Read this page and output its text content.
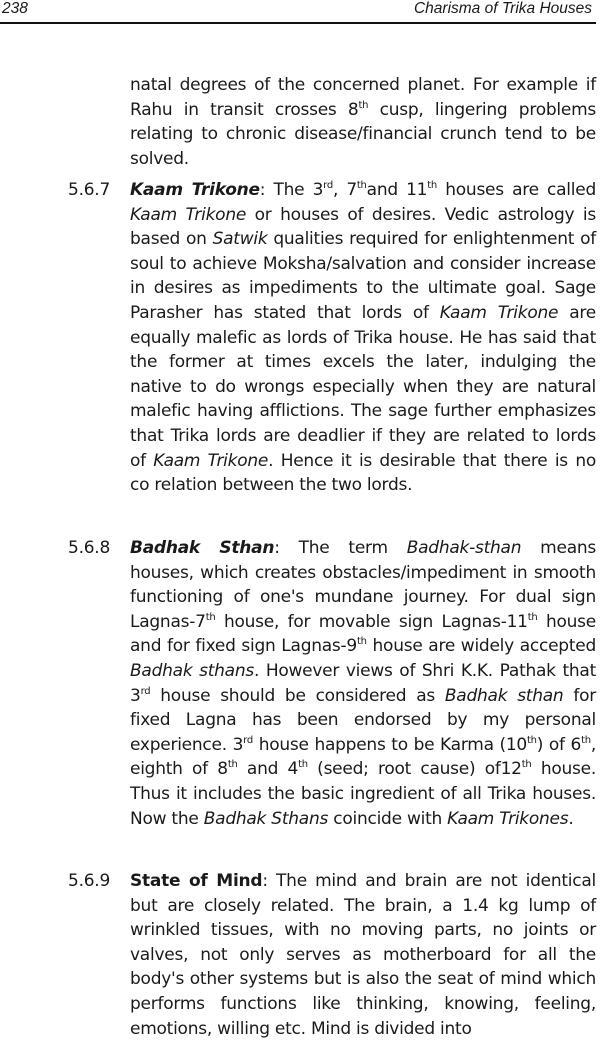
238	Charisma of Trika Houses

natal degrees of the concerned planet. For example if Rahu in transit crosses 8th cusp, lingering problems relating to chronic disease/financial crunch tend to be solved.

5.6.7	Kaam Trikone: The 3rd, 7thand 11th houses are called Kaam Trikone or houses of desires. Vedic astrology is based on Satwik qualities required for enlightenment of soul to achieve Moksha/salvation and consider increase in desires as impediments to the ultimate goal. Sage Parasher has stated that lords of Kaam Trikone are equally malefic as lords of Trika house. He has said that the former at times excels the later, indulging the native to do wrongs especially when they are natural malefic having afflictions. The sage further emphasizes that Trika lords are deadlier if they are related to lords of Kaam Trikone. Hence it is desirable that there is no co relation between the two lords.

5.6.8	Badhak Sthan: The term Badhak-sthan means houses, which creates obstacles/impediment in smooth functioning of one's mundane journey. For dual sign Lagnas-7th house, for movable sign Lagnas-11th house and for fixed sign Lagnas-9th house are widely accepted Badhak sthans. However views of Shri K.K. Pathak that 3rd house should be considered as Badhak sthan for fixed Lagna has been endorsed by my personal experience. 3rd house happens to be Karma (10th) of 6th, eighth of 8th and 4th (seed; root cause) of12th house. Thus it includes the basic ingredient of all Trika houses. Now the Badhak Sthans coincide with Kaam Trikones.

5.6.9	State of Mind: The mind and brain are not identical but are closely related. The brain, a 1.4 kg lump of wrinkled tissues, with no moving parts, no joints or valves, not only serves as motherboard for all the body's other systems but is also the seat of mind which performs functions like thinking, knowing, feeling, emotions, willing etc. Mind is divided into
